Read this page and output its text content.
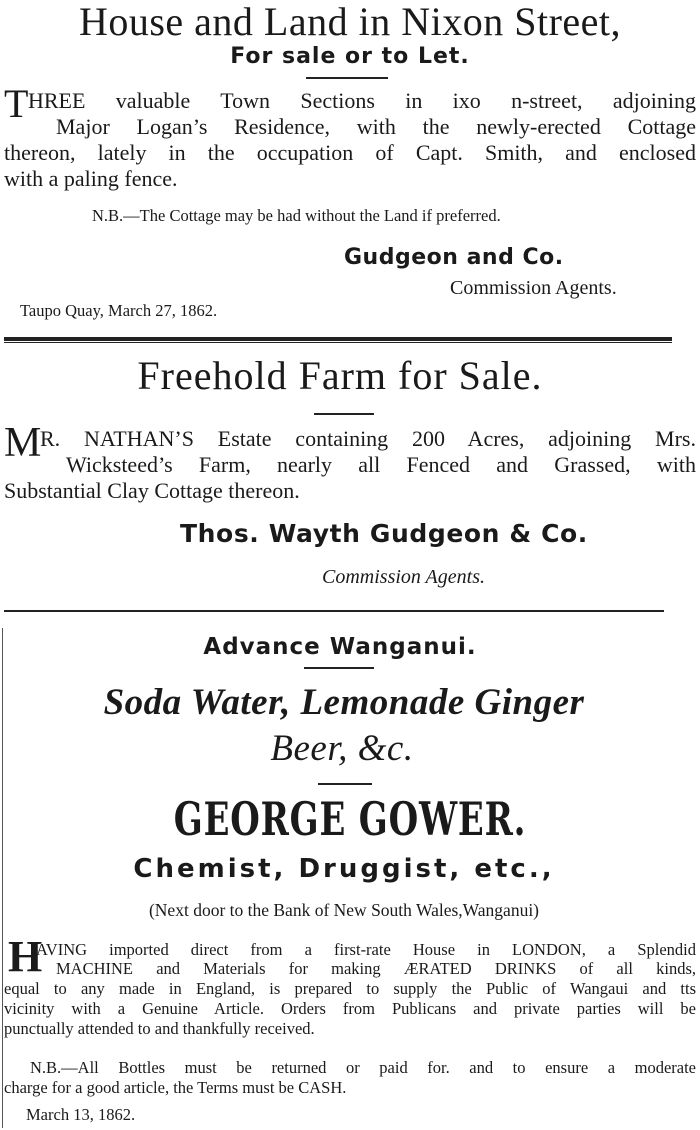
House and Land in Nixon Street,
For sale or to Let.
T HREE valuable Town Sections in ixo n-street, adjoining
Major Logan’s Residence, with the newly-erected Cottage
thereon, lately in the occupation of Capt. Smith, and enclosed
with a paling fence.
N.B.—The Cottage may be had without the Land if preferred.
Gudgeon and Co.
Commission Agents.
Taupo Quay, March 27, 1862.
Freehold Farm for Sale.
M
R. NATHAN’S Estate containing 200 Acres, adjoining Mrs.
Wicksteed’s Farm, nearly all Fenced and Grassed, with
Substantial Clay Cottage thereon.
Thos. Wayth Gudgeon & Co.
Commission Agents.
Advance Wanganui.
Soda Water, Lemonade Ginger
Beer, &c.
GEORGE GOWER.
Chemist, Druggist, etc.,
(Next door to the Bank of New South Wales,Wanganui)
H
AVING imported direct from a first-rate House in LONDON, a Splendid
MACHINE and Materials for making ÆRATED DRINKS of all kinds,
equal to any made in England, is prepared to supply the Public of Wangaui and tts
vicinity with a Genuine Article. Orders from Publicans and private parties will be
punctually attended to and thankfully received.
N.B.—All Bottles must be returned or paid for. and to ensure a moderate
charge for a good article, the Terms must be CASH.
March 13, 1862.
